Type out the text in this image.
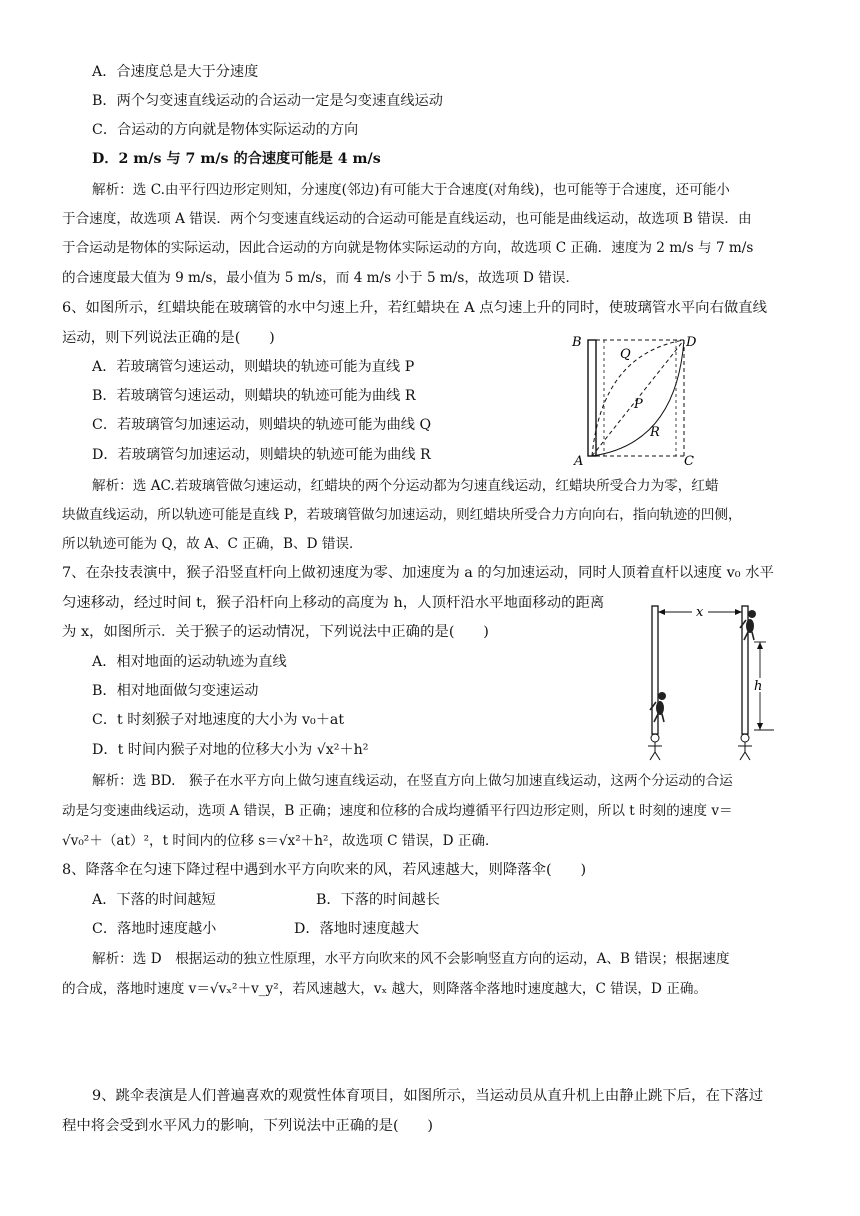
A．合速度总是大于分速度
B．两个匀变速直线运动的合运动一定是匀变速直线运动
C．合运动的方向就是物体实际运动的方向
D．2 m/s 与 7 m/s 的合速度可能是 4 m/s
解析：选 C.由平行四边形定则知，分速度(邻边)有可能大于合速度(对角线)，也可能等于合速度，还可能小
于合速度，故选项 A 错误．两个匀变速直线运动的合运动可能是直线运动，也可能是曲线运动，故选项 B 错误．由
于合运动是物体的实际运动，因此合运动的方向就是物体实际运动的方向，故选项 C 正确．速度为 2 m/s 与 7 m/s
的合速度最大值为 9 m/s，最小值为 5 m/s，而 4 m/s 小于 5 m/s，故选项 D 错误．
6、如图所示，红蜡块能在玻璃管的水中匀速上升，若红蜡块在 A 点匀速上升的同时，使玻璃管水平向右做直线
运动，则下列说法正确的是(　　)
A．若玻璃管匀速运动，则蜡块的轨迹可能为直线 P
B．若玻璃管匀速运动，则蜡块的轨迹可能为曲线 R
C．若玻璃管匀加速运动，则蜡块的轨迹可能为曲线 Q
D．若玻璃管匀加速运动，则蜡块的轨迹可能为曲线 R
B	D
Q
P
R
A	C
解析：选 AC.若玻璃管做匀速运动，红蜡块的两个分运动都为匀速直线运动，红蜡块所受合力为零，红蜡
块做直线运动，所以轨迹可能是直线 P，若玻璃管做匀加速运动，则红蜡块所受合力方向向右，指向轨迹的凹侧，
所以轨迹可能为 Q，故 A、C 正确，B、D 错误．
7、在杂技表演中，猴子沿竖直杆向上做初速度为零、加速度为 a 的匀加速运动，同时人顶着直杆以速度 v₀ 水平
匀速移动，经过时间 t，猴子沿杆向上移动的高度为 h，人顶杆沿水平地面移动的距离
为 x，如图所示．关于猴子的运动情况，下列说法中正确的是(　　)
A．相对地面的运动轨迹为直线
B．相对地面做匀变速运动
C．t 时刻猴子对地速度的大小为 v₀＋at
D．t 时间内猴子对地的位移大小为 √x²＋h²
x
h
解析：选 BD.　猴子在水平方向上做匀速直线运动，在竖直方向上做匀加速直线运动，这两个分运动的合运
动是匀变速曲线运动，选项 A 错误，B 正确；速度和位移的合成均遵循平行四边形定则，所以 t 时刻的速度 v＝
√v₀²＋（at）²，t 时间内的位移 s＝√x²＋h²，故选项 C 错误，D 正确．
8、降落伞在匀速下降过程中遇到水平方向吹来的风，若风速越大，则降落伞(　　)
A．下落的时间越短	B．下落的时间越长
C．落地时速度越小	D．落地时速度越大
解析：选 D　根据运动的独立性原理，水平方向吹来的风不会影响竖直方向的运动，A、B 错误；根据速度
的合成，落地时速度 v＝√vₓ²＋v_y²，若风速越大，vₓ 越大，则降落伞落地时速度越大，C 错误，D 正确。
9、跳伞表演是人们普遍喜欢的观赏性体育项目，如图所示，当运动员从直升机上由静止跳下后，在下落过
程中将会受到水平风力的影响，下列说法中正确的是(　　)
